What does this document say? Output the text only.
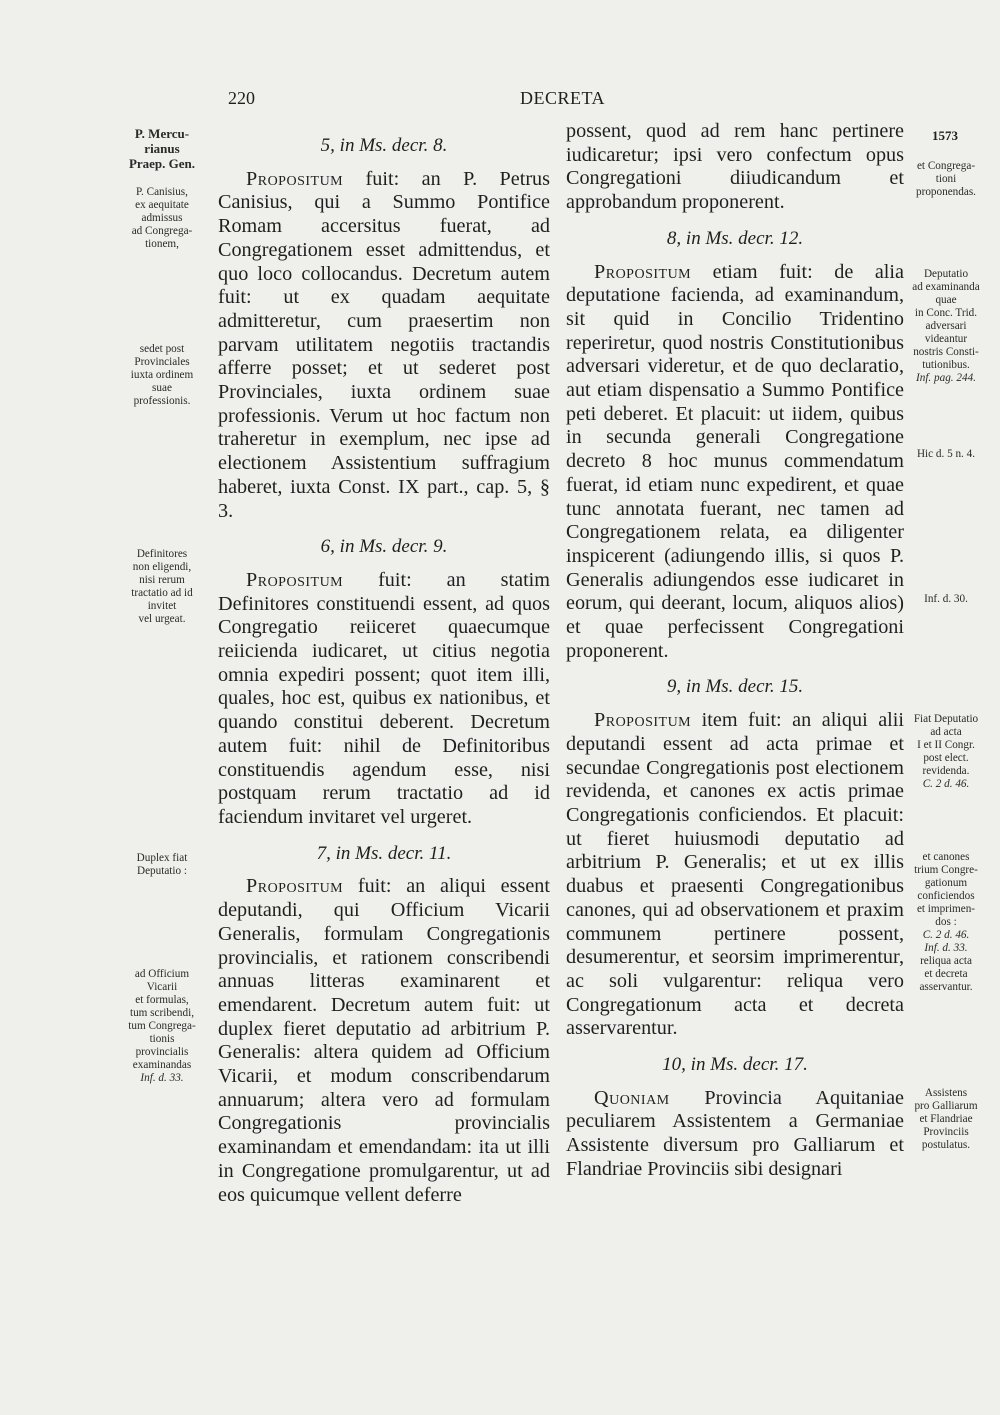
220	DECRETA
1573
P. Mercu-
rianus
Praep. Gen.
P. Canisius,
ex aequitate
admissus
ad Congrega-
tionem,
sedet post
Provinciales
iuxta ordinem
suae
professionis.
Definitores
non eligendi,
nisi rerum
tractatio ad id
invitet
vel urgeat.
Duplex fiat
Deputatio :
ad Officium
Vicarii
et formulas,
tum scribendi,
tum Congrega-
tionis
provincialis
examinandas
Inf. d. 33.
et Congrega-
tioni
proponendas.
Deputatio
ad examinanda
quae
in Conc. Trid.
adversari
videantur
nostris Consti-
tutionibus.
Inf. pag. 244.
Hic d. 5 n. 4.
Inf. d. 30.
Fiat Deputatio
ad acta
I et II Congr.
post elect.
revidenda.
C. 2 d. 46.
et canones
trium Congre-
gationum
conficiendos
et imprimen-
dos :
C. 2 d. 46.
Inf. d. 33.
reliqua acta
et decreta
asservantur.
Assistens
pro Galliarum
et Flandriae
Provinciis
postulatus.
5, in Ms. decr. 8.

Propositum fuit: an P. Petrus Canisius, qui a Summo Pontifice Romam accersitus fuerat, ad Congregationem esset admittendus, et quo loco collocandus. Decretum autem fuit: ut ex quadam aequitate admitteretur, cum praesertim non parvam utilitatem negotiis tractandis afferre posset; et ut sederet post Provinciales, iuxta ordinem suae professionis. Verum ut hoc factum non traheretur in exemplum, nec ipse ad electionem Assistentium suffragium haberet, iuxta Const. IX part., cap. 5, § 3.

6, in Ms. decr. 9.

Propositum fuit: an statim Definitores constituendi essent, ad quos Congregatio reiiceret quaecumque reiicienda iudicaret, ut citius negotia omnia expediri possent; quot item illi, quales, hoc est, quibus ex nationibus, et quando constitui deberent. Decretum autem fuit: nihil de Definitoribus constituendis agendum esse, nisi postquam rerum tractatio ad id faciendum invitaret vel urgeret.

7, in Ms. decr. 11.

Propositum fuit: an aliqui essent deputandi, qui Officium Vicarii Generalis, formulam Congregationis provincialis, et rationem conscribendi annuas litteras examinarent et emendarent. Decretum autem fuit: ut duplex fieret deputatio ad arbitrium P. Generalis: altera quidem ad Officium Vicarii, et modum conscribendarum annuarum; altera vero ad formulam Congregationis provincialis examinandam et emendandam: ita ut illi in Congregatione promulgarentur, ut ad eos quicumque vellent deferre

possent, quod ad rem hanc pertinere iudicaretur; ipsi vero confectum opus Congregationi diiudicandum et approbandum proponerent.

8, in Ms. decr. 12.

Propositum etiam fuit: de alia deputatione facienda, ad examinandum, sit quid in Concilio Tridentino reperiretur, quod nostris Constitutionibus adversari videretur, et de quo declaratio, aut etiam dispensatio a Summo Pontifice peti deberet. Et placuit: ut iidem, quibus in secunda generali Congregatione decreto 8 hoc munus commendatum fuerat, id etiam nunc expedirent, et quae tunc annotata fuerant, nec tamen ad Congregationem relata, ea diligenter inspicerent (adiungendo illis, si quos P. Generalis adiungendos esse iudicaret in eorum, qui deerant, locum, aliquos alios) et quae perfecissent Congregationi proponerent.

9, in Ms. decr. 15.

Propositum item fuit: an aliqui alii deputandi essent ad acta primae et secundae Congregationis post electionem revidenda, et canones ex actis primae Congregationis conficiendos. Et placuit: ut fieret huiusmodi deputatio ad arbitrium P. Generalis; et ut ex illis duabus et praesenti Congregationibus canones, qui ad observationem et praxim communem pertinere possent, desumerentur, et seorsim imprimerentur, ac soli vulgarentur: reliqua vero Congregationum acta et decreta asservarentur.

10, in Ms. decr. 17.

Quoniam Provincia Aquitaniae peculiarem Assistentem a Germaniae Assistente diversum pro Galliarum et Flandriae Provinciis sibi designari
